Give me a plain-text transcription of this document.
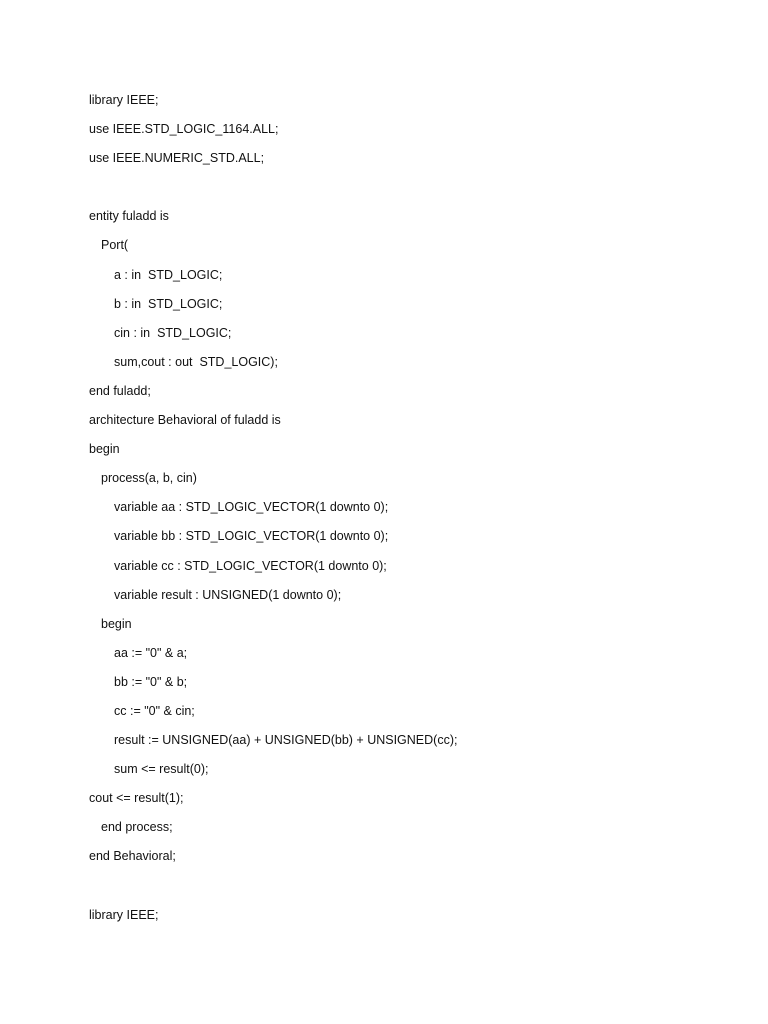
library IEEE;
use IEEE.STD_LOGIC_1164.ALL;
use IEEE.NUMERIC_STD.ALL;
entity fuladd is
Port(
a : in  STD_LOGIC;
b : in  STD_LOGIC;
cin : in  STD_LOGIC;
sum,cout : out  STD_LOGIC);
end fuladd;
architecture Behavioral of fuladd is
begin
process(a, b, cin)
variable aa : STD_LOGIC_VECTOR(1 downto 0);
variable bb : STD_LOGIC_VECTOR(1 downto 0);
variable cc : STD_LOGIC_VECTOR(1 downto 0);
variable result : UNSIGNED(1 downto 0);
begin
aa := "0" & a;
bb := "0" & b;
cc := "0" & cin;
result := UNSIGNED(aa) + UNSIGNED(bb) + UNSIGNED(cc);
sum <= result(0);
cout <= result(1);
end process;
end Behavioral;
library IEEE;
